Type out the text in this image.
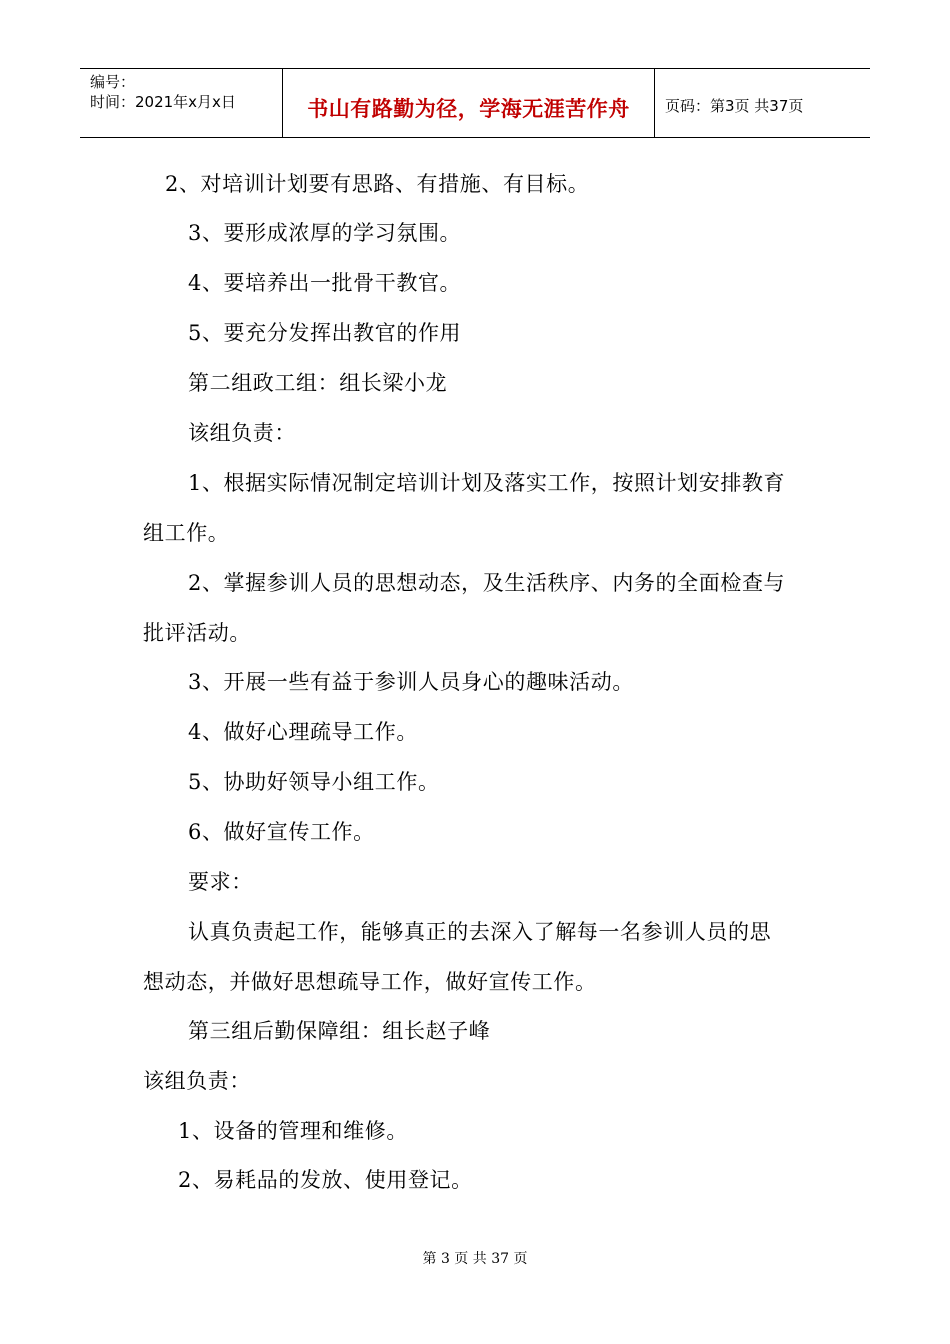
编号：
时间：2021年x月x日	书山有路勤为径，学海无涯苦作舟	页码：第3页 共37页
2、对培训计划要有思路、有措施、有目标。
3、要形成浓厚的学习氛围。
4、要培养出一批骨干教官。
5、要充分发挥出教官的作用
第二组政工组：组长梁小龙
该组负责：
1、根据实际情况制定培训计划及落实工作，按照计划安排教育
组工作。
2、掌握参训人员的思想动态，及生活秩序、内务的全面检查与
批评活动。
3、开展一些有益于参训人员身心的趣味活动。
4、做好心理疏导工作。
5、协助好领导小组工作。
6、做好宣传工作。
要求：
认真负责起工作，能够真正的去深入了解每一名参训人员的思
想动态，并做好思想疏导工作，做好宣传工作。
第三组后勤保障组：组长赵子峰
该组负责：
1、设备的管理和维修。
2、易耗品的发放、使用登记。
第 3 页 共 37 页
